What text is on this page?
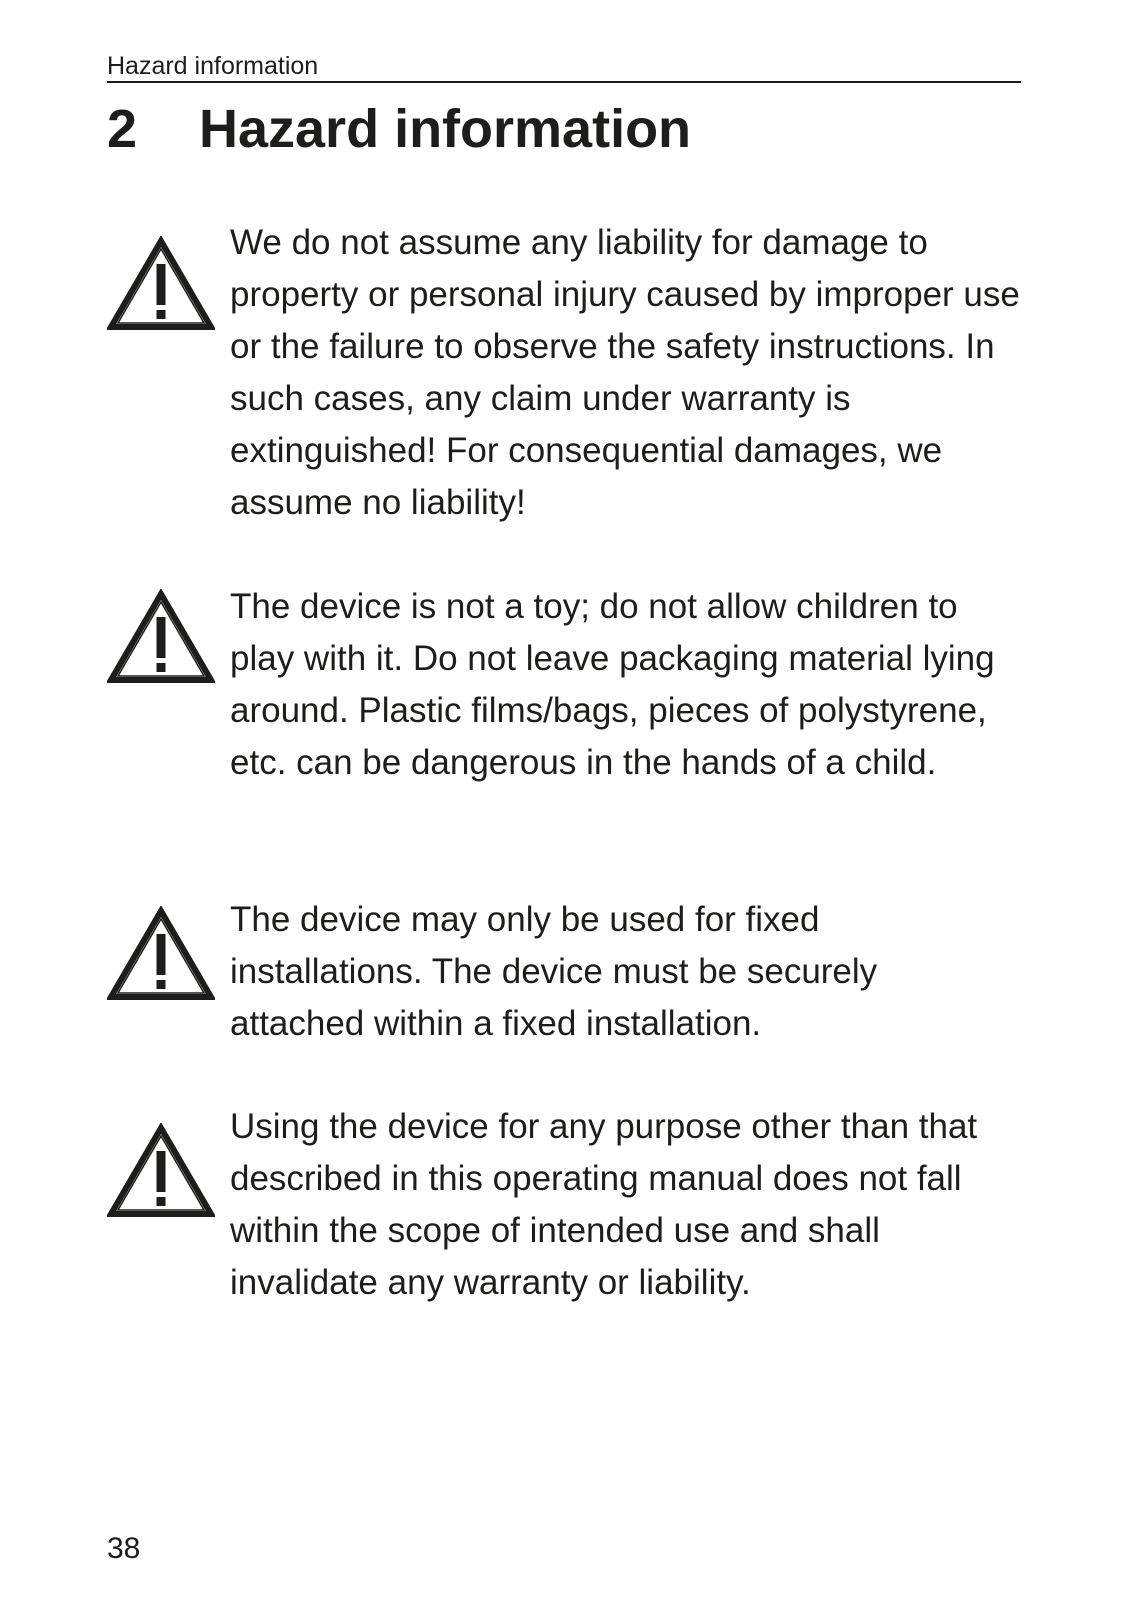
Hazard information
2 Hazard information

We do not assume any liability for damage to property or personal injury caused by improper use or the failure to observe the safety instructions. In such cases, any claim under warranty is extinguished! For consequential damages, we assume no liability!

The device is not a toy; do not allow children to play with it. Do not leave packaging material lying around. Plastic films/bags, pieces of polystyrene, etc. can be dangerous in the hands of a child.

The device may only be used for fixed installations. The device must be securely attached within a fixed installation.

Using the device for any purpose other than that described in this operating manual does not fall within the scope of intended use and shall invalidate any warranty or liability.

38
